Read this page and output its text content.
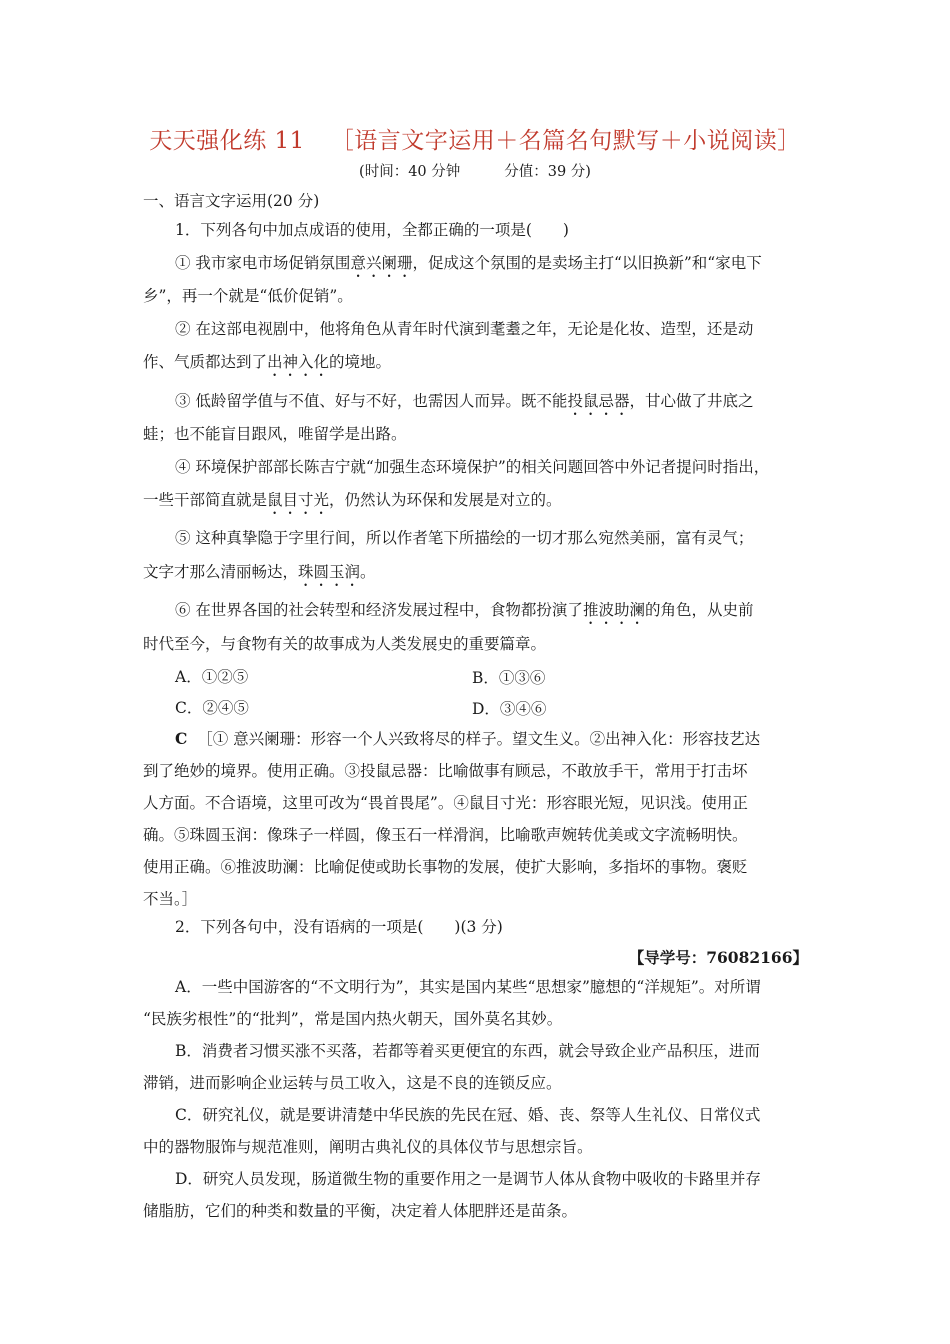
天天强化练 11 ［语言文字运用＋名篇名句默写＋小说阅读］
(时间：40 分钟	分值：39 分)
一、语言文字运用(20 分)
1．下列各句中加点成语的使用，全都正确的一项是(　　)
① 我市家电市场促销氛围意兴阑珊，促成这个氛围的是卖场主打“以旧换新”和“家电下
乡”，再一个就是“低价促销”。
② 在这部电视剧中，他将角色从青年时代演到耄耋之年，无论是化妆、造型，还是动
作、气质都达到了出神入化的境地。
③ 低龄留学值与不值、好与不好，也需因人而异。既不能投鼠忌器，甘心做了井底之
蛙；也不能盲目跟风，唯留学是出路。
④ 环境保护部部长陈吉宁就“加强生态环境保护”的相关问题回答中外记者提问时指出，
一些干部简直就是鼠目寸光，仍然认为环保和发展是对立的。
⑤ 这种真挚隐于字里行间，所以作者笔下所描绘的一切才那么宛然美丽，富有灵气；
文字才那么清丽畅达，珠圆玉润。
⑥ 在世界各国的社会转型和经济发展过程中，食物都扮演了推波助澜的角色，从史前
时代至今，与食物有关的故事成为人类发展史的重要篇章。
A．①②⑤	B．①③⑥
C．②④⑤	D．③④⑥
C ［① 意兴阑珊：形容一个人兴致将尽的样子。望文生义。②出神入化：形容技艺达
到了绝妙的境界。使用正确。③投鼠忌器：比喻做事有顾忌，不敢放手干，常用于打击坏
人方面。不合语境，这里可改为“畏首畏尾”。④鼠目寸光：形容眼光短，见识浅。使用正
确。⑤珠圆玉润：像珠子一样圆，像玉石一样滑润，比喻歌声婉转优美或文字流畅明快。
使用正确。⑥推波助澜：比喻促使或助长事物的发展，使扩大影响，多指坏的事物。褒贬
不当。］
2．下列各句中，没有语病的一项是(　　)(3 分)
【导学号：76082166】
A．一些中国游客的“不文明行为”，其实是国内某些“思想家”臆想的“洋规矩”。对所谓
“民族劣根性”的“批判”，常是国内热火朝天，国外莫名其妙。
B．消费者习惯买涨不买落，若都等着买更便宜的东西，就会导致企业产品积压，进而
滞销，进而影响企业运转与员工收入，这是不良的连锁反应。
C．研究礼仪，就是要讲清楚中华民族的先民在冠、婚、丧、祭等人生礼仪、日常仪式
中的器物服饰与规范准则，阐明古典礼仪的具体仪节与思想宗旨。
D．研究人员发现，肠道微生物的重要作用之一是调节人体从食物中吸收的卡路里并存
储脂肪，它们的种类和数量的平衡，决定着人体肥胖还是苗条。
